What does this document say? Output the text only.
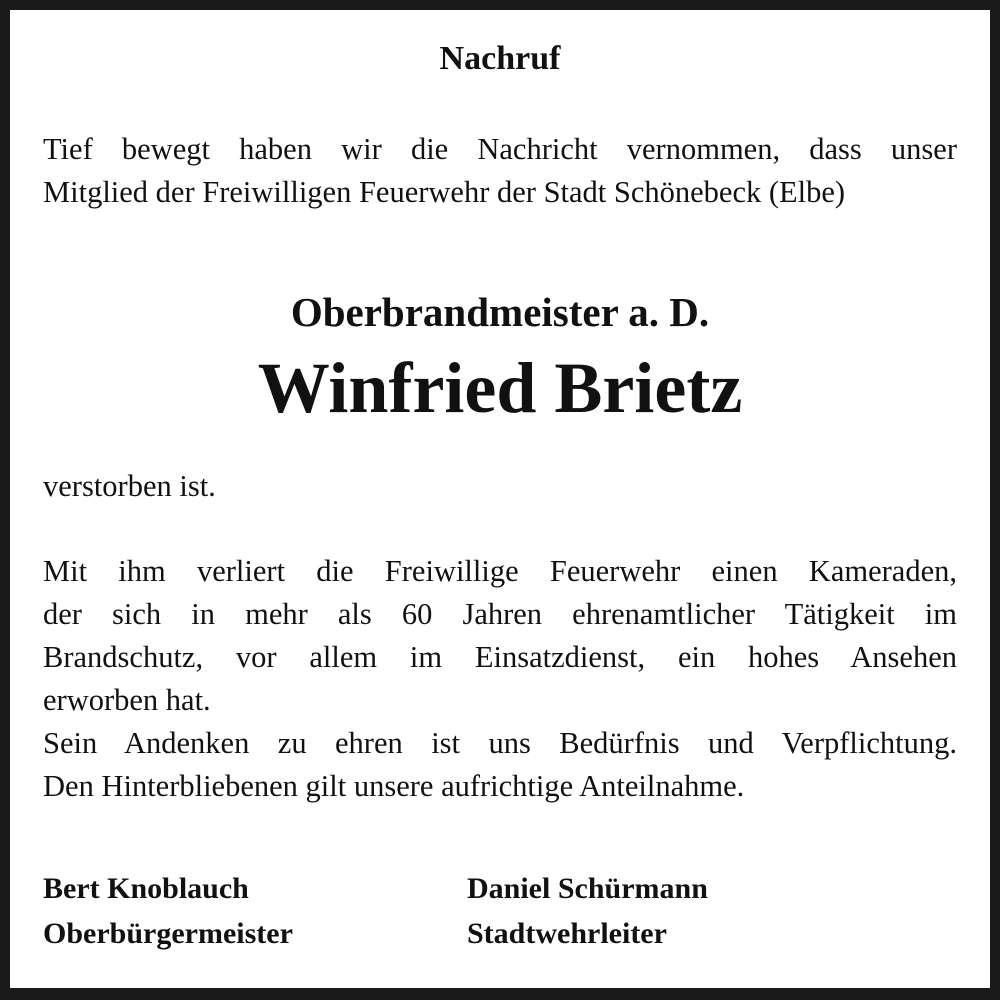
Nachruf
Tief bewegt haben wir die Nachricht vernommen, dass unser
Mitglied der Freiwilligen Feuerwehr der Stadt Schönebeck (Elbe)
Oberbrandmeister a. D.
Winfried Brietz
verstorben ist.
Mit ihm verliert die Freiwillige Feuerwehr einen Kameraden,
der sich in mehr als 60 Jahren ehrenamtlicher Tätigkeit im
Brandschutz, vor allem im Einsatzdienst, ein hohes Ansehen
erworben hat.
Sein Andenken zu ehren ist uns Bedürfnis und Verpflichtung.
Den Hinterbliebenen gilt unsere aufrichtige Anteilnahme.
Bert Knoblauch
Oberbürgermeister
Daniel Schürmann
Stadtwehrleiter
